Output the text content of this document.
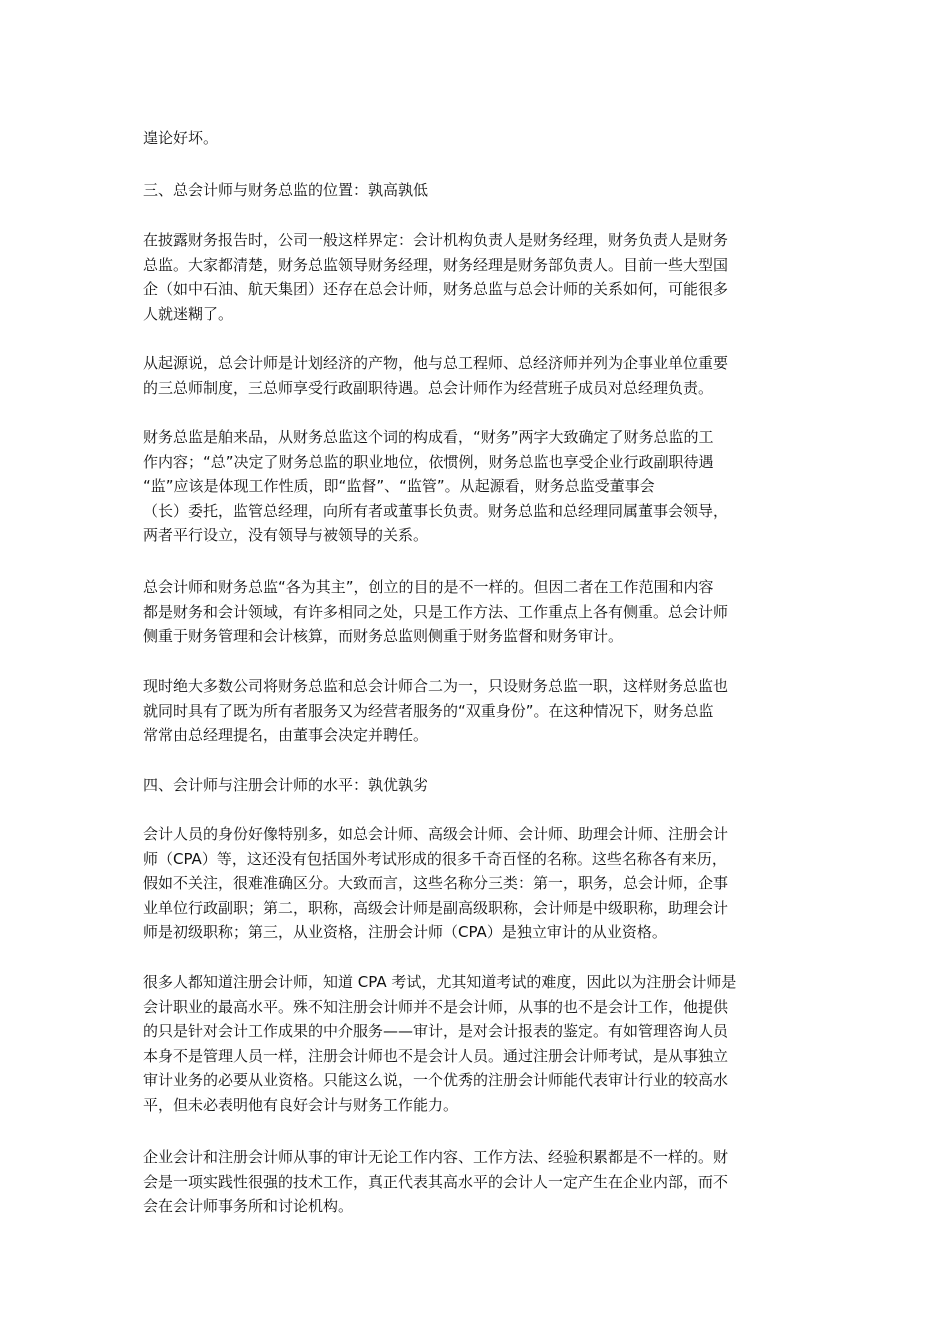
遑论好坏。

三、总会计师与财务总监的位置：孰高孰低

在披露财务报告时，公司一般这样界定：会计机构负责人是财务经理，财务负责人是财务
总监。大家都清楚，财务总监领导财务经理，财务经理是财务部负责人。目前一些大型国
企（如中石油、航天集团）还存在总会计师，财务总监与总会计师的关系如何，可能很多
人就迷糊了。

从起源说，总会计师是计划经济的产物，他与总工程师、总经济师并列为企事业单位重要
的三总师制度，三总师享受行政副职待遇。总会计师作为经营班子成员对总经理负责。

财务总监是舶来品，从财务总监这个词的构成看，“财务”两字大致确定了财务总监的工
作内容；“总”决定了财务总监的职业地位，依惯例，财务总监也享受企业行政副职待遇
“监”应该是体现工作性质，即“监督”、“监管”。从起源看，财务总监受董事会
（长）委托，监管总经理，向所有者或董事长负责。财务总监和总经理同属董事会领导，
两者平行设立，没有领导与被领导的关系。

总会计师和财务总监“各为其主”，创立的目的是不一样的。但因二者在工作范围和内容
都是财务和会计领域，有许多相同之处，只是工作方法、工作重点上各有侧重。总会计师
侧重于财务管理和会计核算，而财务总监则侧重于财务监督和财务审计。

现时绝大多数公司将财务总监和总会计师合二为一，只设财务总监一职，这样财务总监也
就同时具有了既为所有者服务又为经营者服务的“双重身份”。在这种情况下，财务总监
常常由总经理提名，由董事会决定并聘任。

四、会计师与注册会计师的水平：孰优孰劣

会计人员的身份好像特别多，如总会计师、高级会计师、会计师、助理会计师、注册会计
师（CPA）等，这还没有包括国外考试形成的很多千奇百怪的名称。这些名称各有来历，
假如不关注，很难准确区分。大致而言，这些名称分三类：第一，职务，总会计师，企事
业单位行政副职；第二，职称，高级会计师是副高级职称，会计师是中级职称，助理会计
师是初级职称；第三，从业资格，注册会计师（CPA）是独立审计的从业资格。

很多人都知道注册会计师，知道 CPA 考试，尤其知道考试的难度，因此以为注册会计师是
会计职业的最高水平。殊不知注册会计师并不是会计师，从事的也不是会计工作，他提供
的只是针对会计工作成果的中介服务——审计，是对会计报表的鉴定。有如管理咨询人员
本身不是管理人员一样，注册会计师也不是会计人员。通过注册会计师考试，是从事独立
审计业务的必要从业资格。只能这么说，一个优秀的注册会计师能代表审计行业的较高水
平，但未必表明他有良好会计与财务工作能力。

企业会计和注册会计师从事的审计无论工作内容、工作方法、经验积累都是不一样的。财
会是一项实践性很强的技术工作，真正代表其高水平的会计人一定产生在企业内部，而不
会在会计师事务所和讨论机构。
